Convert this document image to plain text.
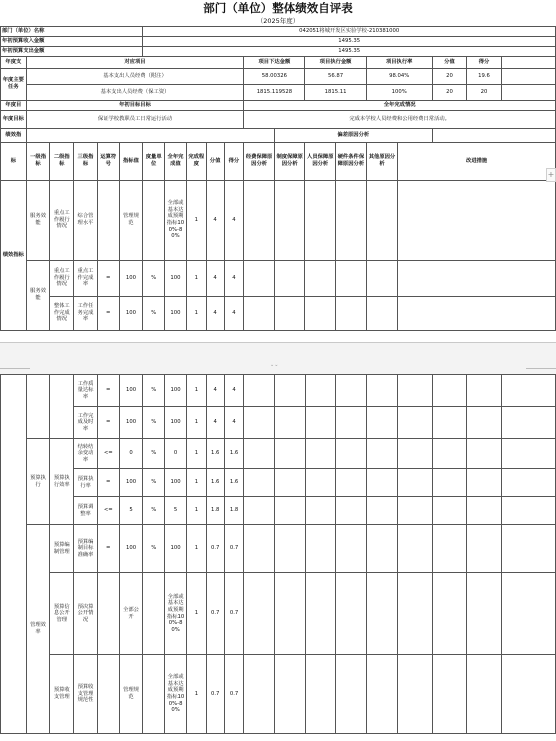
部门（单位）整体绩效自评表																			
（2025年度）																			
部门（单位）名称						042051将城开发区实验学校-210381000													
年初预算收入金额						1495.35													
年初预算支出金额						1495.35													
年度支	对应项目										项目下达金额		项目执行金额		项目执行率		分值	得分	
年度主要任务	基本支出人员经费（附注）										58.00326		56.87		98.04%		20	19.6	
	基本支出人员经费（保工资）										1815.119528		1815.11		100%		20	20	
年度目	年初目标目标										全年完成情况								
年度目标	保证学校教职员工日常运行活动										完成本学校人员经费和公用经费日常活动。								
绩效指												偏差原因分析							
标	一级指标	二级指标	三级指标	运算符号	指标值	度量单位	全年完成值	完成程度	分值	得分	经费保障原因分析	制度保障原因分析	人员保障原因分析	硬件条件保障原因分析	其他原因分析	改进措施			
绩效指标	服务效能	重点工作履行情况	综合管理水平		管理规范		全部或基本达成预期指标100%-80%	1	4	4									
	服务效能	重点工作履行情况	重点工作完成率	=	100	%	100	1	4	4									
		整体工作完成情况	工作任务完成率	=	100	%	100	1	4	4									
+
⌄⌄
			工作质量达标率	=	100	%	100	1	4	4									
			工作完成及时率	=	100	%	100	1	4	4									
	预算执行	预算执行效率	结转结余变动率	<=	0	%	0	1	1.6	1.6									
			预算执行率	=	100	%	100	1	1.6	1.6									
			预算调整率	<=	5	%	5	1	1.8	1.8									
	管理效率	预算编制管理	预算编制目标准确率	=	100	%	100	1	0.7	0.7									
		预算信息公开管理	预决算公开情况		全部公开		全部或基本达成预期指标100%-80%	1	0.7	0.7									
		预算收支管理	预算收支管理规范性		管理规范		全部或基本达成预期指标100%-80%	1	0.7	0.7									
